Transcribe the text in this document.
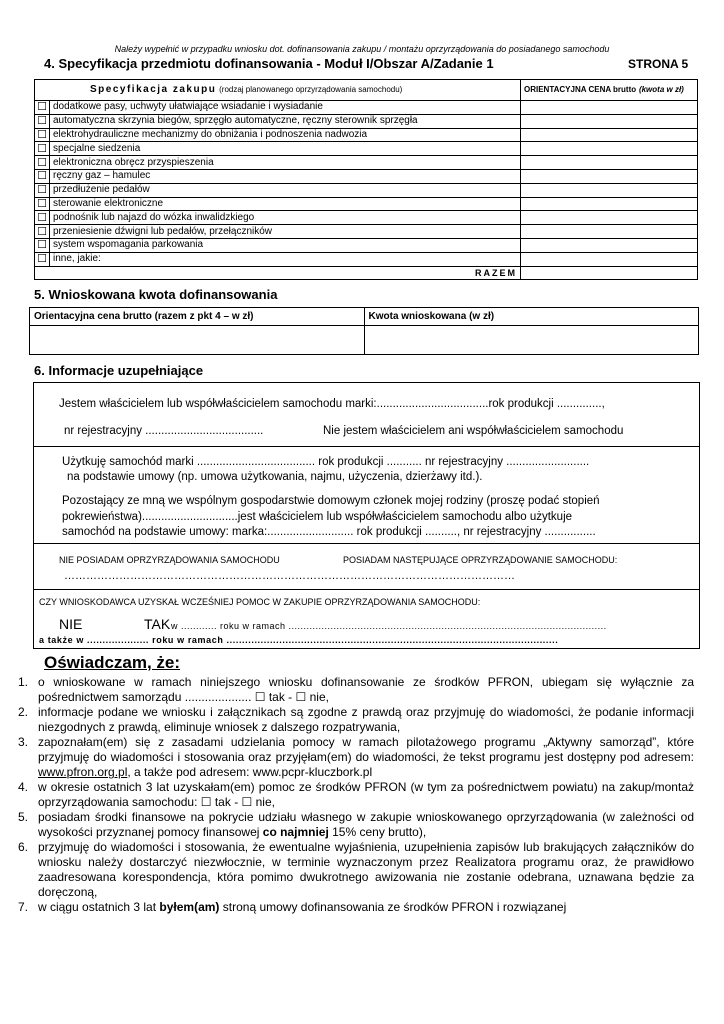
Należy wypełnić w przypadku wniosku dot. dofinansowania zakupu / montażu oprzyrządowania do posiadanego samochodu
4. Specyfikacja przedmiotu dofinansowania - Moduł I/Obszar A/Zadanie 1	STRONA 5
Specyfikacja zakupu (rodzaj planowanego oprzyrządowania samochodu)		ORIENTACYJNA CENA brutto (kwota w zł)
☐	dodatkowe pasy, uchwyty ułatwiające wsiadanie i wysiadanie	
☐	automatyczna skrzynia biegów, sprzęgło automatyczne, ręczny sterownik sprzęgła	
☐	elektrohydrauliczne mechanizmy do obniżania i podnoszenia nadwozia	
☐	specjalne siedzenia	
☐	elektroniczna obręcz przyspieszenia	
☐	ręczny gaz – hamulec	
☐	przedłużenie pedałów	
☐	sterowanie elektroniczne	
☐	podnośnik lub najazd do wózka inwalidzkiego	
☐	przeniesienie dźwigni lub pedałów, przełączników	
☐	system wspomagania parkowania	
☐	inne, jakie:	
RAZEM		
5. Wnioskowana kwota dofinansowania
Orientacyjna cena brutto (razem z pkt 4 – w zł)	Kwota wnioskowana (w zł)

6. Informacje uzupełniające
Jestem właścicielem lub współwłaścicielem samochodu marki:...................................rok produkcji ..............,
nr rejestracyjny .....................................	Nie jestem właścicielem ani współwłaścicielem samochodu
Użytkuję samochód marki ..................................... rok produkcji ........... nr rejestracyjny ..........................
na podstawie umowy (np. umowa użytkowania, najmu, użyczenia, dzierżawy itd.).
Pozostający ze mną we wspólnym gospodarstwie domowym członek mojej rodziny (proszę podać stopień
pokrewieństwa)..............................jest właścicielem lub współwłaścicielem samochodu albo użytkuje
samochód na podstawie umowy: marka:........................... rok produkcji .........., nr rejestracyjny ................
NIE POSIADAM OPRZYRZĄDOWANIA SAMOCHODU	POSIADAM NASTĘPUJĄCE OPRZYRZĄDOWANIE SAMOCHODU:
……………………………………………………………………………………………………………
CZY WNIOSKODAWCA UZYSKAŁ WCZEŚNIEJ POMOC W ZAKUPIE OPRZYRZĄDOWANIA SAMOCHODU:
NIE	TAK w ............ roku w ramach ..........................................................................................................
a także w .................... roku w ramach ...........................................................................................................
Oświadczam, że:
1. o wnioskowane w ramach niniejszego wniosku dofinansowanie ze środków PFRON, ubiegam się wyłącznie za pośrednictwem samorządu .................... ☐ tak - ☐ nie,
2. informacje podane we wniosku i załącznikach są zgodne z prawdą oraz przyjmuję do wiadomości, że podanie informacji niezgodnych z prawdą, eliminuje wniosek z dalszego rozpatrywania,
3. zapoznałam(em) się z zasadami udzielania pomocy w ramach pilotażowego programu „Aktywny samorząd”, które przyjmuję do wiadomości i stosowania oraz przyjęłam(em) do wiadomości, że tekst programu jest dostępny pod adresem: www.pfron.org.pl, a także pod adresem: www.pcpr-kluczbork.pl
4. w okresie ostatnich 3 lat uzyskałam(em) pomoc ze środków PFRON (w tym za pośrednictwem powiatu) na zakup/montaż oprzyrządowania samochodu: ☐ tak - ☐ nie,
5. posiadam środki finansowe na pokrycie udziału własnego w zakupie wnioskowanego oprzyrządowania (w zależności od wysokości przyznanej pomocy finansowej co najmniej 15% ceny brutto),
6. przyjmuję do wiadomości i stosowania, że ewentualne wyjaśnienia, uzupełnienia zapisów lub brakujących załączników do wniosku należy dostarczyć niezwłocznie, w terminie wyznaczonym przez Realizatora programu oraz, że prawidłowo zaadresowana korespondencja, która pomimo dwukrotnego awizowania nie zostanie odebrana, uznawana będzie za doręczoną,
7. w ciągu ostatnich 3 lat byłem(am) stroną umowy dofinansowania ze środków PFRON i rozwiązanej
